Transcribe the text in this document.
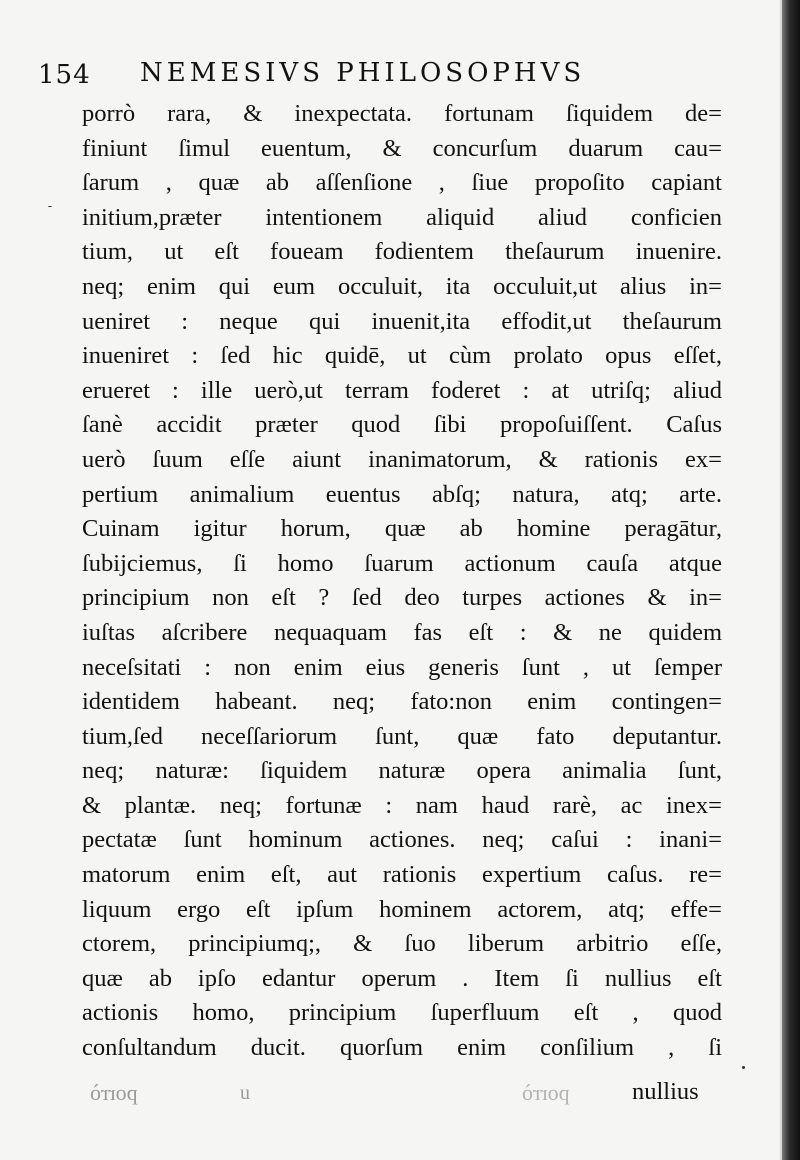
154 NEMESIVS PHILOSOPHVS
porrò rara, & inexpectata. fortunam ſiquidem de=
finiunt ſimul euentum, & concurſum duarum cau=
ſarum , quæ ab aſſenſione , ſiue propoſito capiant
initium,præter intentionem aliquid aliud conficien
tium, ut eſt foueam fodientem theſaurum inuenire.
neq; enim qui eum occuluit, ita occuluit,ut alius in=
ueniret : neque qui inuenit,ita effodit,ut theſaurum
inueniret : ſed hic quidē, ut cùm prolato opus eſſet,
erueret : ille uerò,ut terram foderet : at utriſq; aliud
ſanè accidit præter quod ſibi propoſuiſſent. Caſus
uerò ſuum eſſe aiunt inanimatorum, & rationis ex=
pertium animalium euentus abſq; natura, atq; arte.
Cuinam igitur horum, quæ ab homine peragātur,
ſubijciemus, ſi homo ſuarum actionum cauſa atque
principium non eſt ? ſed deo turpes actiones & in=
iuſtas aſcribere nequaquam fas eſt : & ne quidem
neceſsitati : non enim eius generis ſunt , ut ſemper
identidem habeant. neq; fato:non enim contingen=
tium,ſed neceſſariorum ſunt, quæ fato deputantur.
neq; naturæ: ſiquidem naturæ opera animalia ſunt,
& plantæ. neq; fortunæ : nam haud rarè, ac inex=
pectatæ ſunt hominum actiones. neq; caſui : inani=
matorum enim eſt, aut rationis expertium caſus. re=
liquum ergo eſt ipſum hominem actorem, atq; effe=
ctorem, principiumq;, & ſuo liberum arbitrio eſſe,
quæ ab ipſo edantur operum . Item ſi nullius eſt
actionis homo, principium ſuperfluum eſt , quod
conſultandum ducit. quorſum enim conſilium , ſi
porrò	u	porrò	nullius
